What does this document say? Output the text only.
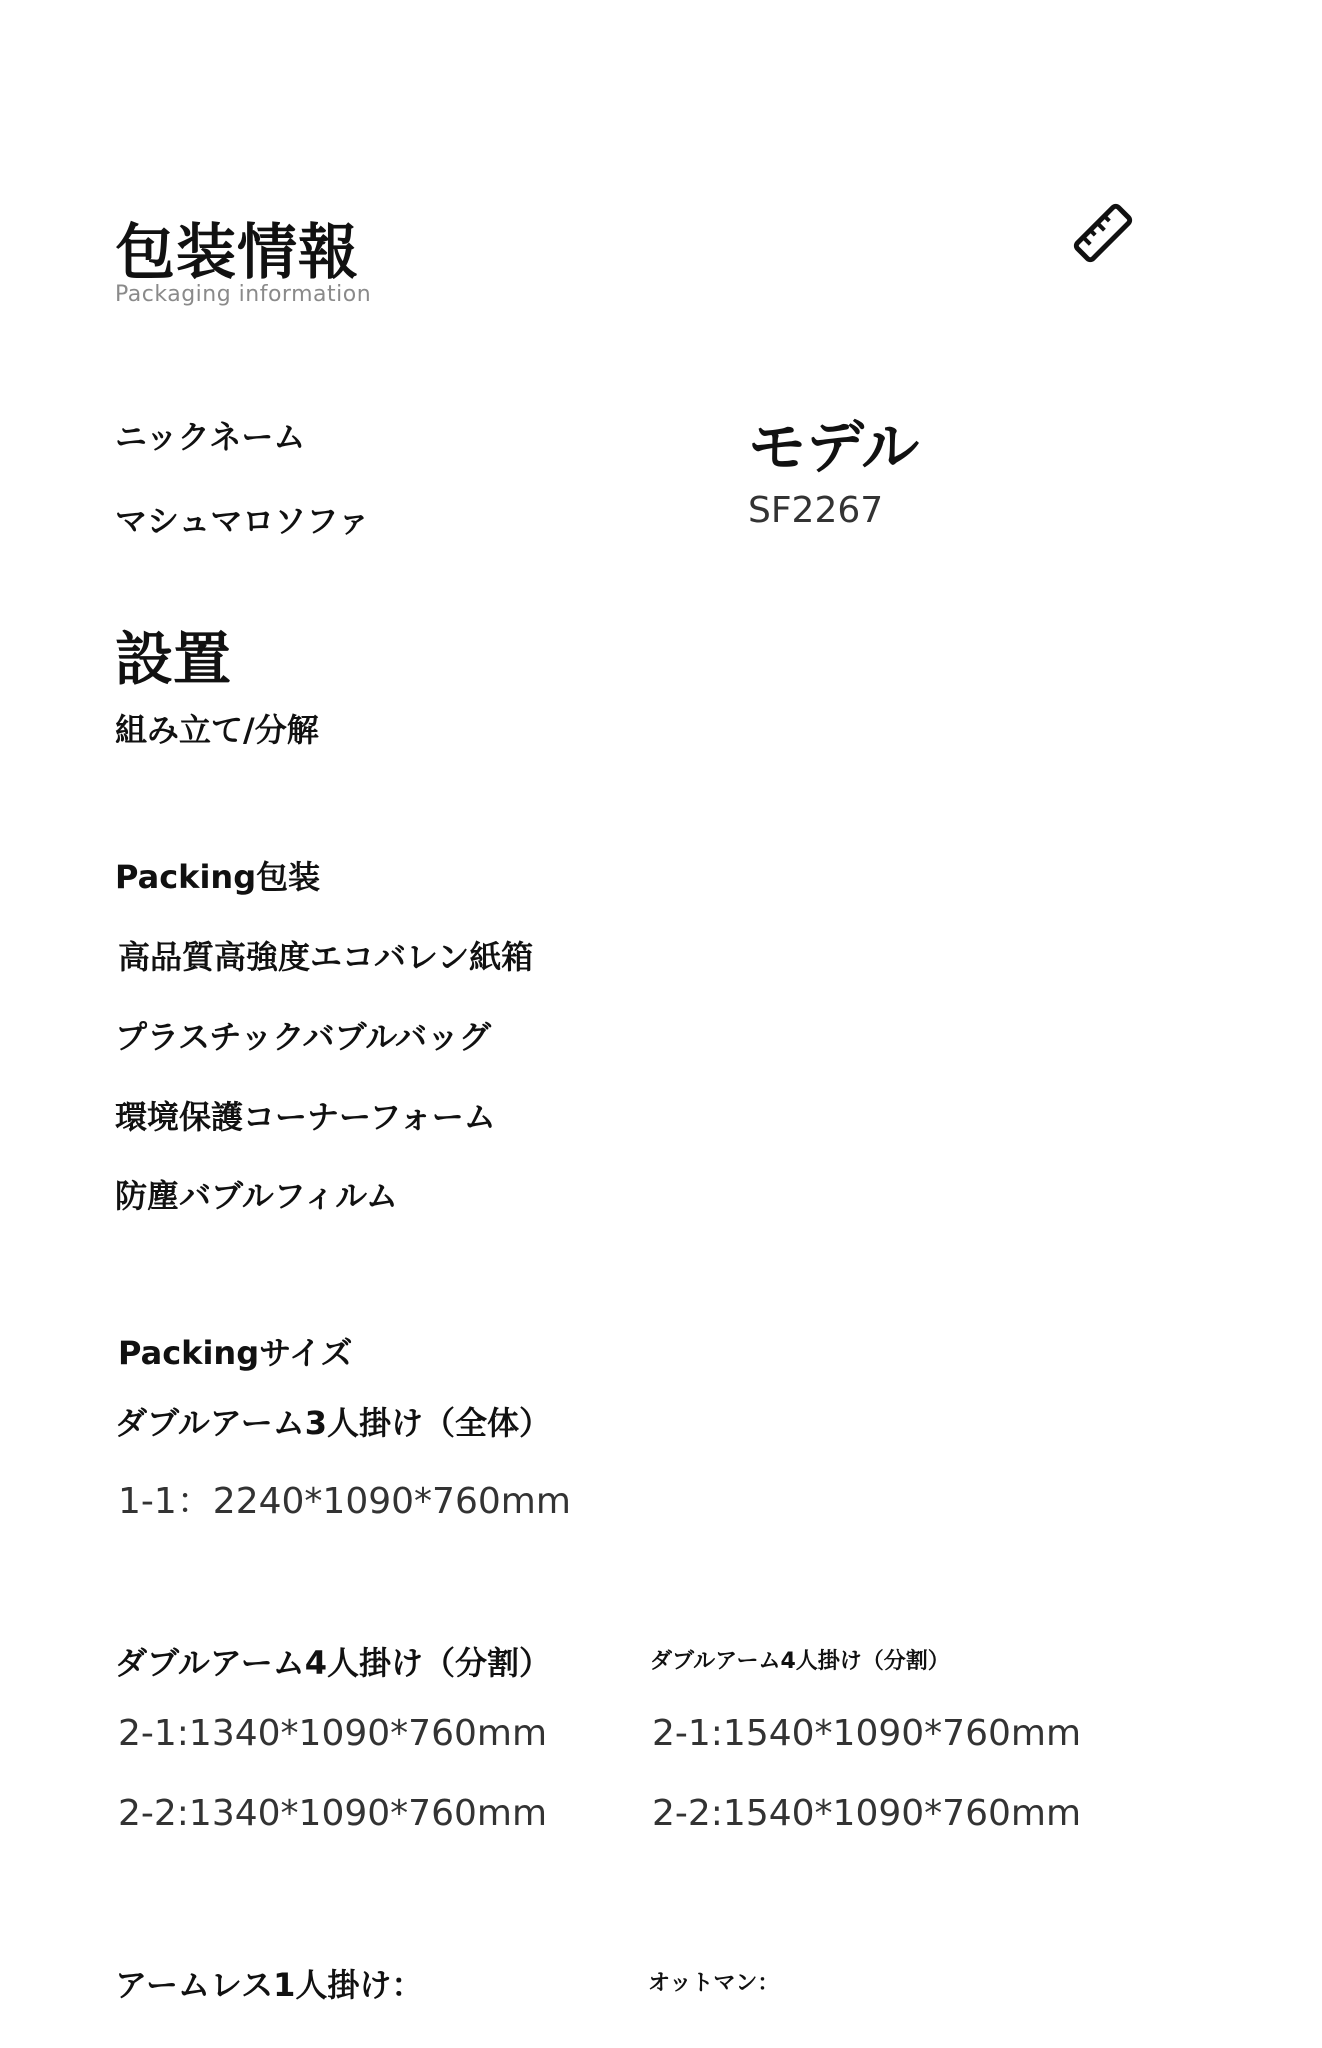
包装情報
Packaging information
ニックネーム
マシュマロソファ
モデル
SF2267
設置
組み立て/分解
Packing包装
高品質高強度エコバレン紙箱
プラスチックバブルバッグ
環境保護コーナーフォーム
防塵バブルフィルム
Packingサイズ
ダブルアーム3人掛け（全体）
1-1：2240*1090*760mm
ダブルアーム4人掛け（分割）
2-1:1340*1090*760mm
2-2:1340*1090*760mm
ダブルアーム4人掛け（分割）
2-1:1540*1090*760mm
2-2:1540*1090*760mm
アームレス1人掛け：	オットマン：
